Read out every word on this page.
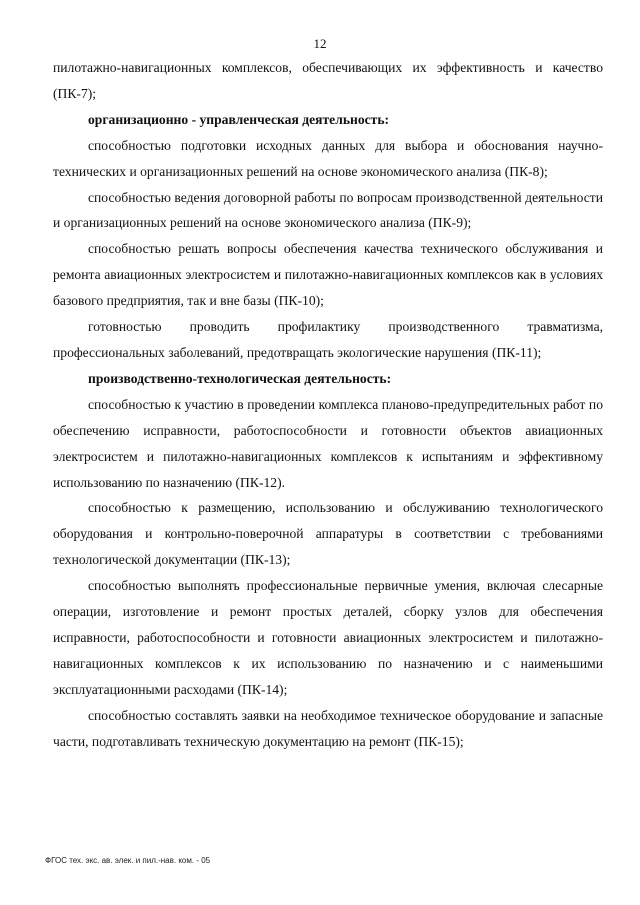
12

пилотажно-навигационных комплексов, обеспечивающих их эффективность и качество (ПК-7);

организационно - управленческая деятельность:

способностью подготовки исходных данных для выбора и обоснования научно-технических и организационных решений на основе экономического анализа (ПК-8);

способностью ведения договорной работы по вопросам производственной деятельности и организационных решений на основе экономического анализа (ПК-9);

способностью решать вопросы обеспечения качества технического обслуживания и ремонта авиационных электросистем и пилотажно-навигационных комплексов как в условиях базового предприятия, так и вне базы (ПК-10);

готовностью проводить профилактику производственного травматизма, профессиональных заболеваний, предотвращать экологические нарушения (ПК-11);

производственно-технологическая деятельность:

способностью к участию в проведении комплекса планово-предупредительных работ по обеспечению исправности, работоспособности и готовности объектов авиационных электросистем и пилотажно-навигационных комплексов к испытаниям и эффективному использованию по назначению (ПК-12).

способностью к размещению, использованию и обслуживанию технологического оборудования и контрольно-поверочной аппаратуры в соответствии с требованиями технологической документации (ПК-13);

способностью выполнять профессиональные первичные умения, включая слесарные операции, изготовление и ремонт простых деталей, сборку узлов для обеспечения исправности, работоспособности и готовности авиационных электросистем и пилотажно-навигационных комплексов к их использованию по назначению и с наименьшими эксплуатационными расходами (ПК-14);

способностью составлять заявки на необходимое техническое оборудование и запасные части, подготавливать техническую документацию на ремонт (ПК-15);

ФГОС тех. экс. ав. элек. и пил.-нав. ком. - 05
